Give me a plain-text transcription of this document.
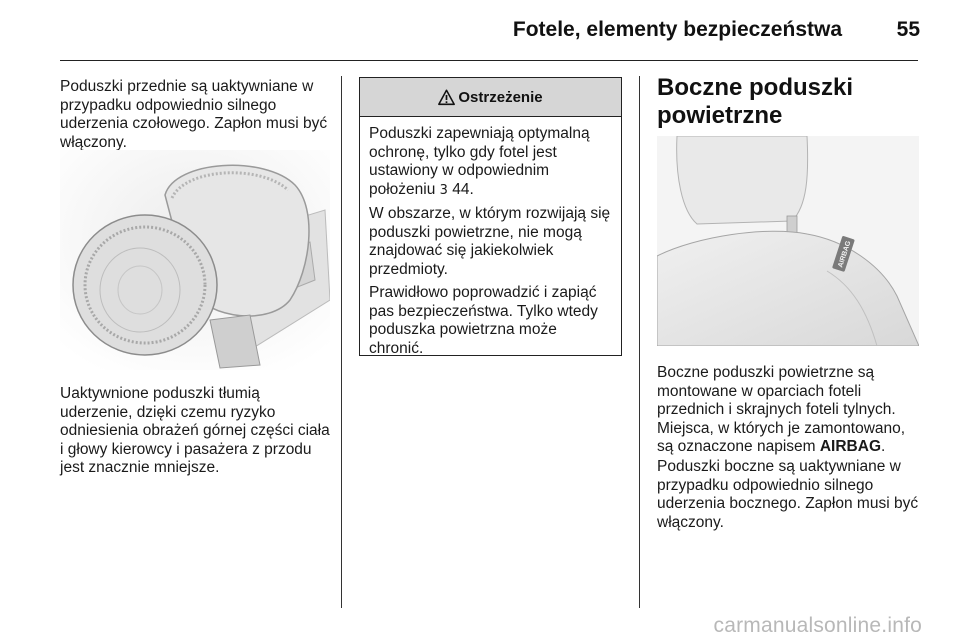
Fotele, elementy bezpieczeństwa	55

Poduszki przednie są uaktywniane w przypadku odpowiednio silnego uderzenia czołowego. Zapłon musi być włączony.

Uaktywnione poduszki tłumią uderzenie, dzięki czemu ryzyko odniesienia obrażeń górnej części ciała i głowy kierowcy i pasażera z przodu jest znacznie mniejsze.

Ostrzeżenie

Poduszki zapewniają optymalną ochronę, tylko gdy fotel jest ustawiony w odpowiednim położeniu 3 44.

W obszarze, w którym rozwijają się poduszki powietrzne, nie mogą znajdować się jakiekolwiek przedmioty.

Prawidłowo poprowadzić i zapiąć pas bezpieczeństwa. Tylko wtedy poduszka powietrzna może chronić.

Boczne poduszki powietrzne
AIRBAG

Boczne poduszki powietrzne są montowane w oparciach foteli przednich i skrajnych foteli tylnych. Miejsca, w których je zamontowano, są oznaczone napisem AIRBAG.

Poduszki boczne są uaktywniane w przypadku odpowiednio silnego uderzenia bocznego. Zapłon musi być włączony.

carmanualsonline.info
